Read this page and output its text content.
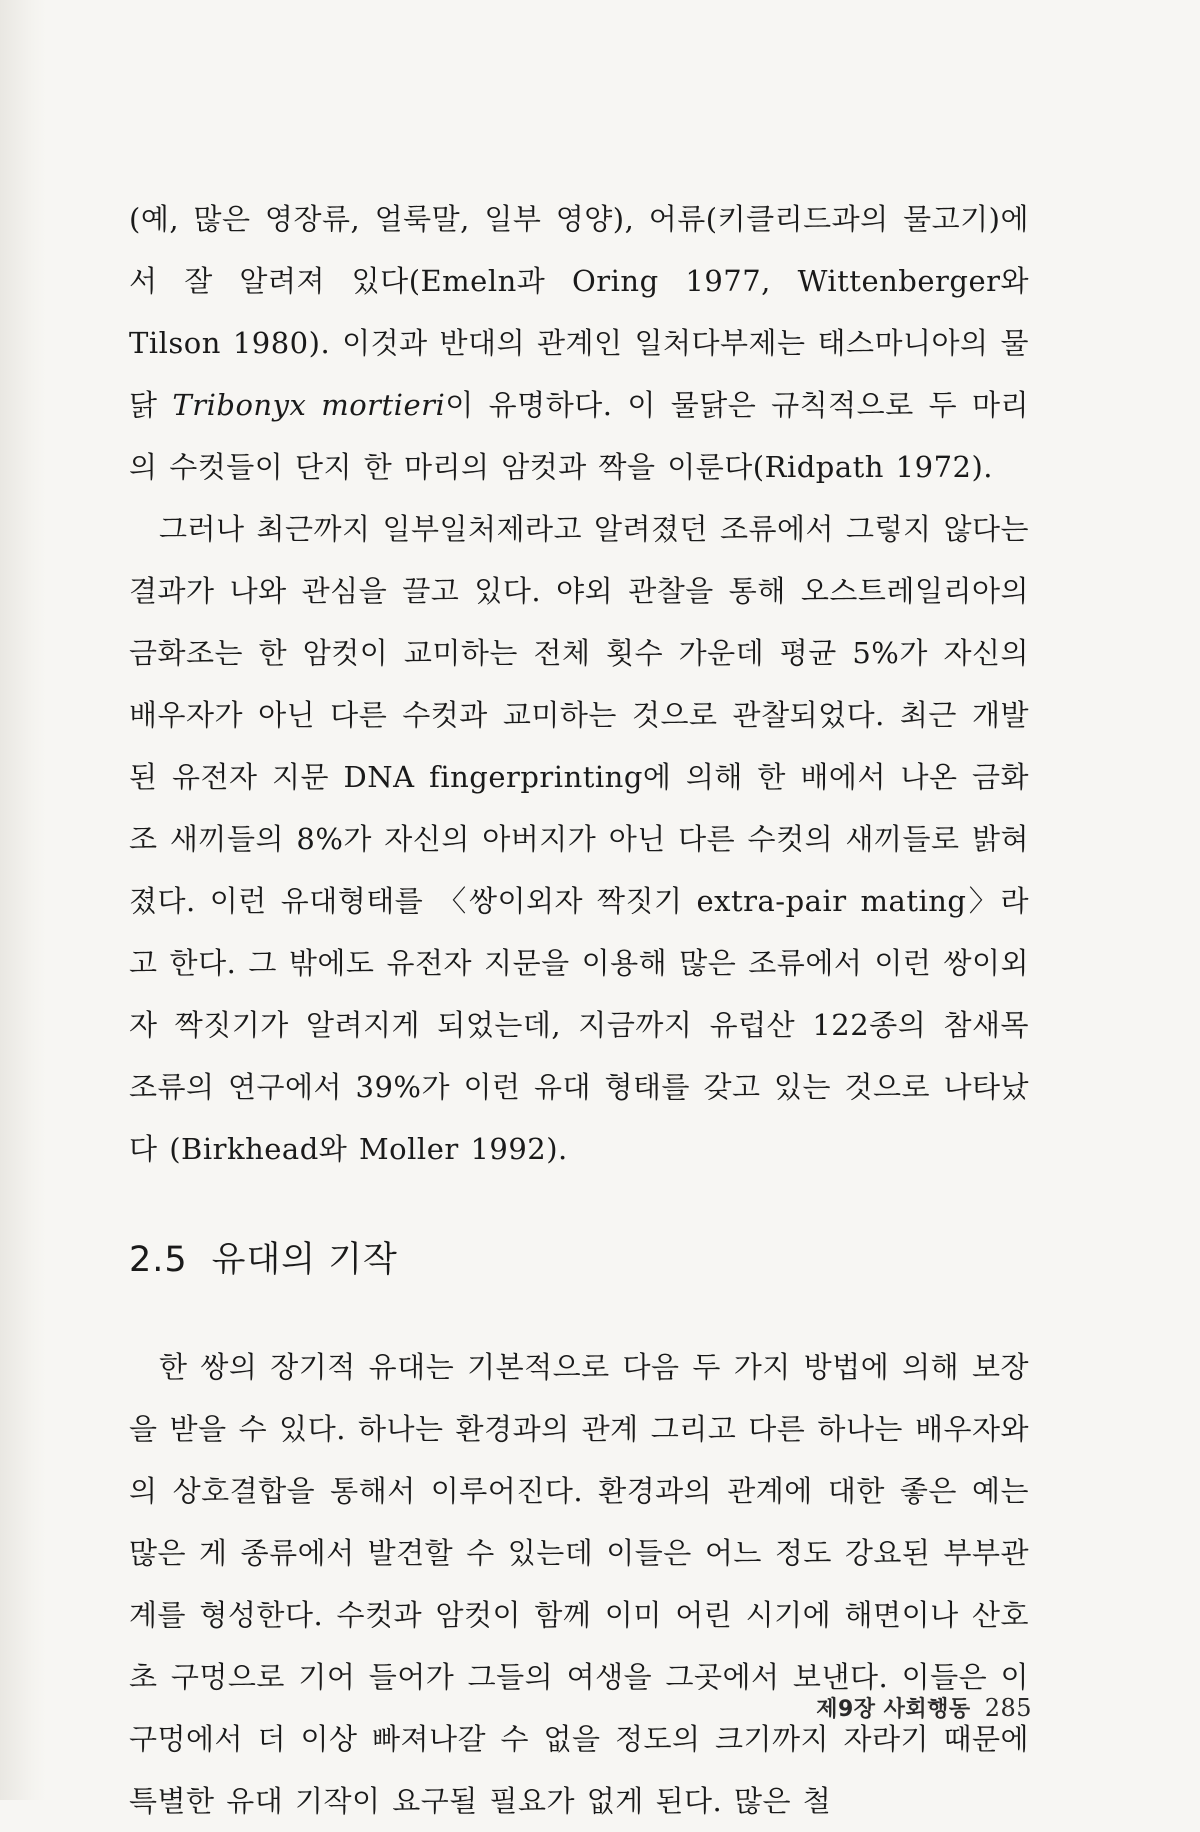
(예, 많은 영장류, 얼룩말, 일부 영양), 어류(키클리드과의 물고기)에서 잘 알려져 있다(Emeln과 Oring 1977, Wittenberger와 Tilson 1980). 이것과 반대의 관계인 일처다부제는 태스마니아의 물닭 Tribonyx mortieri이 유명하다. 이 물닭은 규칙적으로 두 마리의 수컷들이 단지 한 마리의 암컷과 짝을 이룬다(Ridpath 1972).

그러나 최근까지 일부일처제라고 알려졌던 조류에서 그렇지 않다는 결과가 나와 관심을 끌고 있다. 야외 관찰을 통해 오스트레일리아의 금화조는 한 암컷이 교미하는 전체 횟수 가운데 평균 5%가 자신의 배우자가 아닌 다른 수컷과 교미하는 것으로 관찰되었다. 최근 개발된 유전자 지문 DNA fingerprinting에 의해 한 배에서 나온 금화조 새끼들의 8%가 자신의 아버지가 아닌 다른 수컷의 새끼들로 밝혀졌다. 이런 유대형태를 〈쌍이외자 짝짓기 extra-pair mating〉라고 한다. 그 밖에도 유전자 지문을 이용해 많은 조류에서 이런 쌍이외자 짝짓기가 알려지게 되었는데, 지금까지 유럽산 122종의 참새목 조류의 연구에서 39%가 이런 유대 형태를 갖고 있는 것으로 나타났다 (Birkhead와 Moller 1992).

2.5 유대의 기작

한 쌍의 장기적 유대는 기본적으로 다음 두 가지 방법에 의해 보장을 받을 수 있다. 하나는 환경과의 관계 그리고 다른 하나는 배우자와의 상호결합을 통해서 이루어진다. 환경과의 관계에 대한 좋은 예는 많은 게 종류에서 발견할 수 있는데 이들은 어느 정도 강요된 부부관계를 형성한다. 수컷과 암컷이 함께 이미 어린 시기에 해면이나 산호초 구멍으로 기어 들어가 그들의 여생을 그곳에서 보낸다. 이들은 이 구멍에서 더 이상 빠져나갈 수 없을 정도의 크기까지 자라기 때문에 특별한 유대 기작이 요구될 필요가 없게 된다. 많은 철

제9장 사회행동 285
